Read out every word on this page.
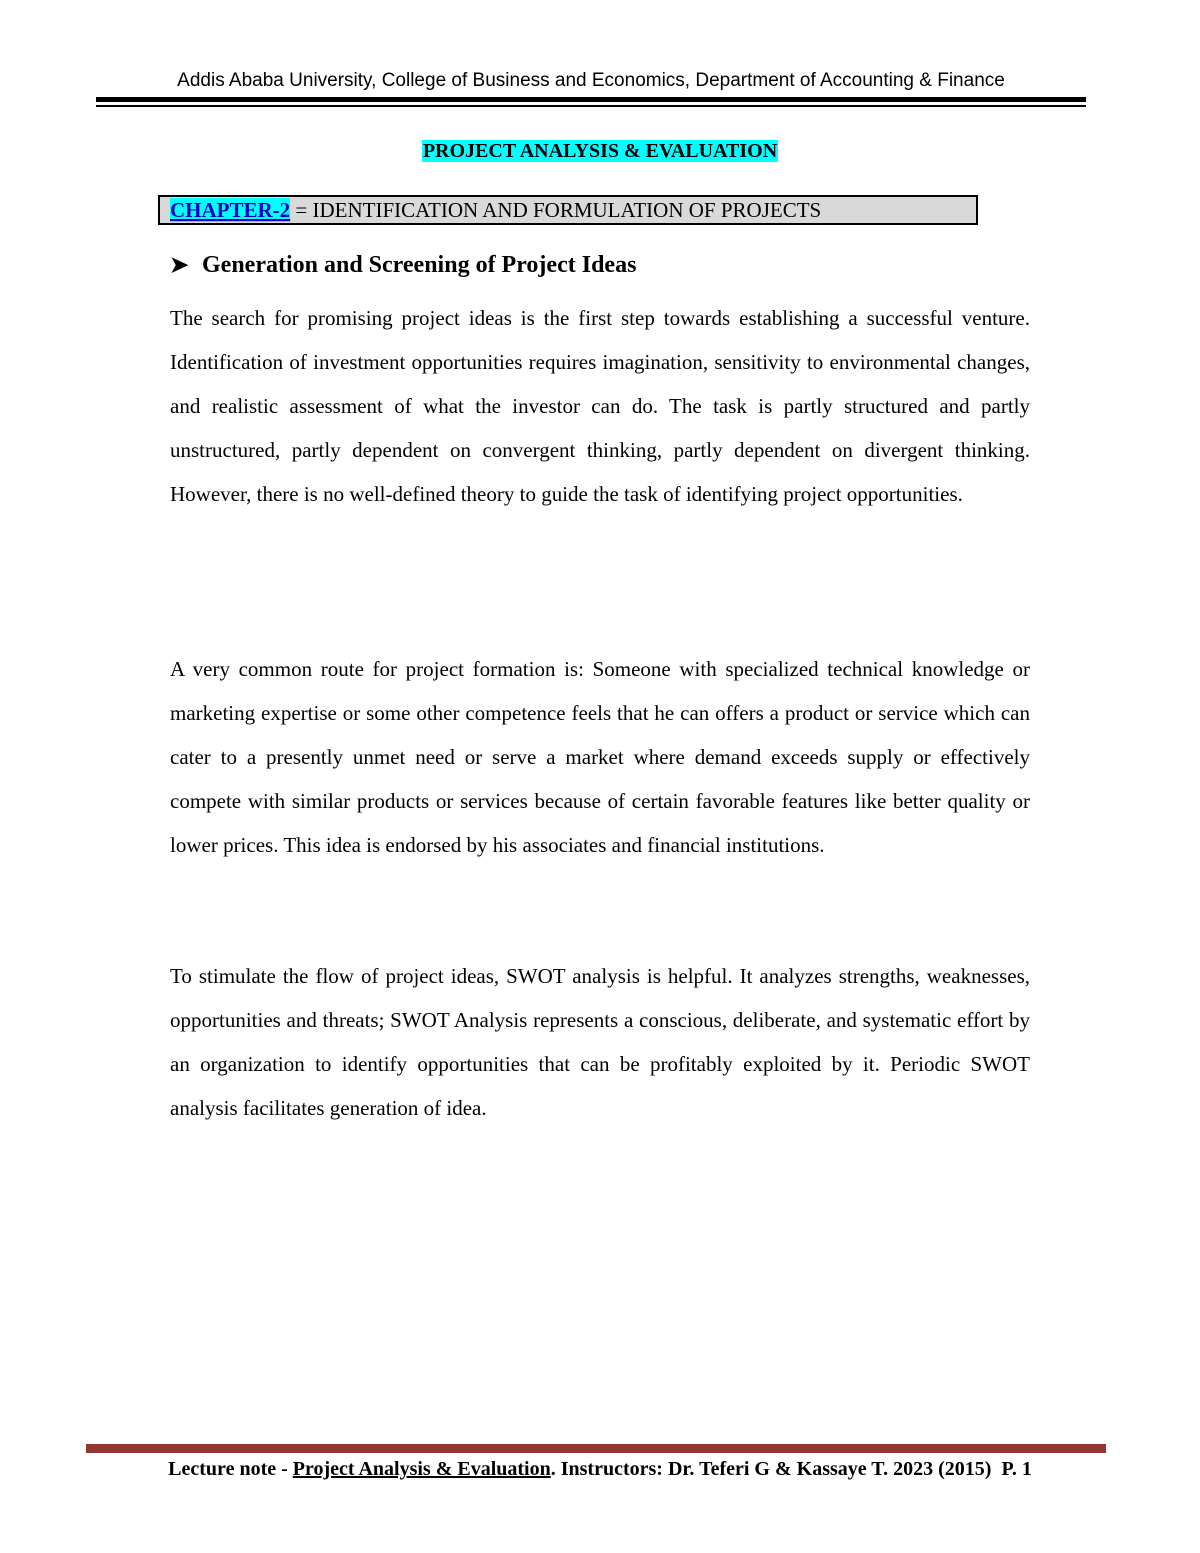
Addis Ababa University, College of Business and Economics, Department of Accounting & Finance
PROJECT ANALYSIS & EVALUATION
CHAPTER-2 = IDENTIFICATION AND FORMULATION OF PROJECTS
➤ Generation and Screening of Project Ideas

The search for promising project ideas is the first step towards establishing a successful venture. Identification of investment opportunities requires imagination, sensitivity to environmental changes, and realistic assessment of what the investor can do. The task is partly structured and partly unstructured, partly dependent on convergent thinking, partly dependent on divergent thinking. However, there is no well-defined theory to guide the task of identifying project opportunities.

A very common route for project formation is: Someone with specialized technical knowledge or marketing expertise or some other competence feels that he can offers a product or service which can cater to a presently unmet need or serve a market where demand exceeds supply or effectively compete with similar products or services because of certain favorable features like better quality or lower prices. This idea is endorsed by his associates and financial institutions.

To stimulate the flow of project ideas, SWOT analysis is helpful. It analyzes strengths, weaknesses, opportunities and threats; SWOT Analysis represents a conscious, deliberate, and systematic effort by an organization to identify opportunities that can be profitably exploited by it. Periodic SWOT analysis facilitates generation of idea.

Lecture note - Project Analysis & Evaluation. Instructors: Dr. Teferi G & Kassaye T. 2023 (2015)  P. 1
